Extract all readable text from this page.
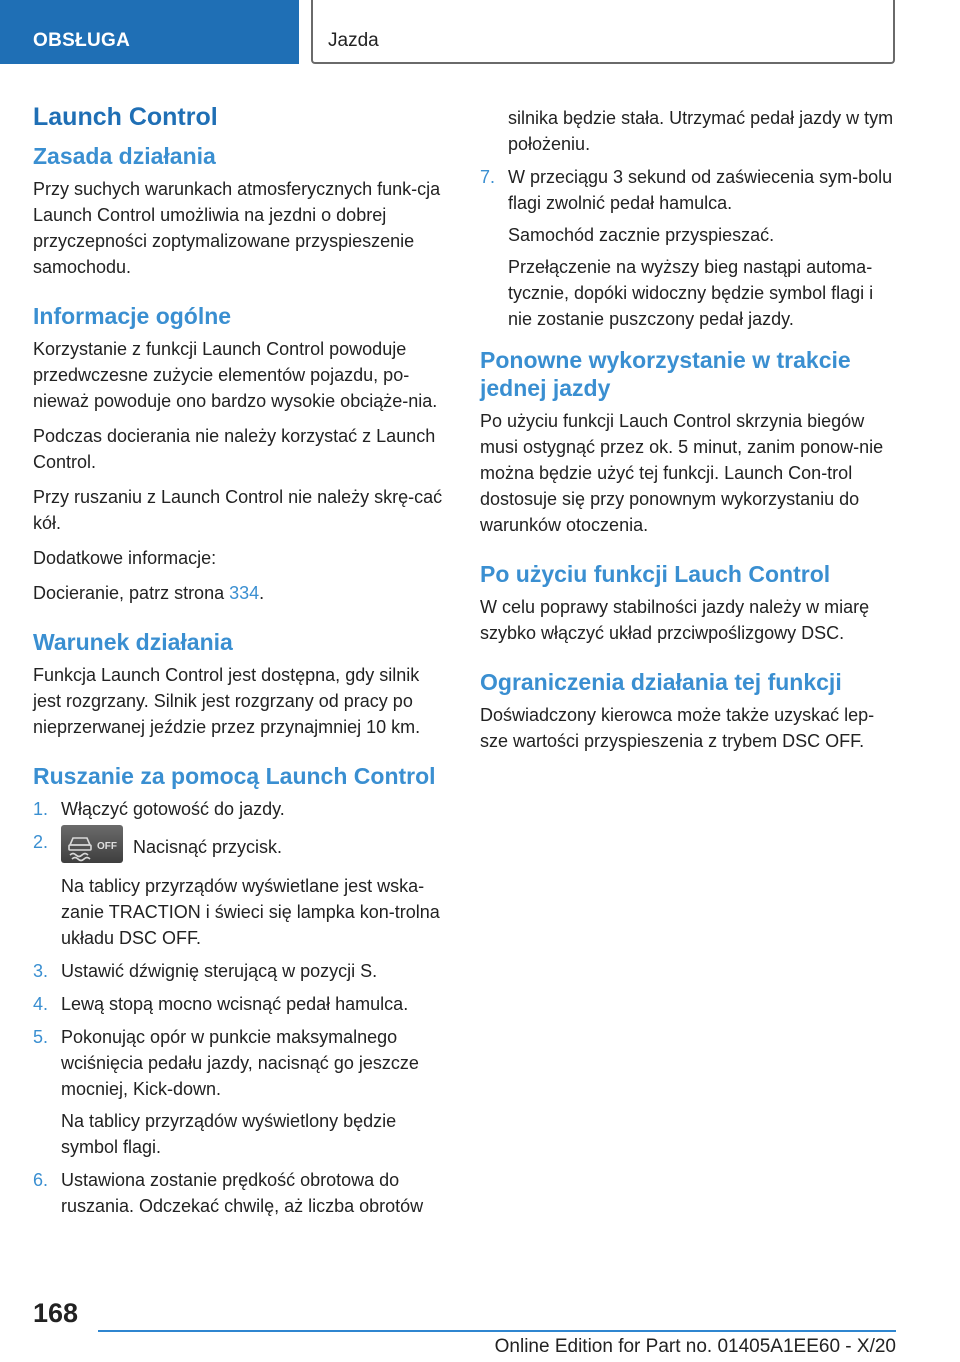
OBSŁUGA	Jazda
Launch Control
Zasada działania

Przy suchych warunkach atmosferycznych funk-cja Launch Control umożliwia na jezdni o dobrej przyczepności zoptymalizowane przyspieszenie samochodu.

Informacje ogólne

Korzystanie z funkcji Launch Control powoduje przedwczesne zużycie elementów pojazdu, po-nieważ powoduje ono bardzo wysokie obciąże-nia.

Podczas docierania nie należy korzystać z Launch Control.

Przy ruszaniu z Launch Control nie należy skrę-cać kół.

Dodatkowe informacje:

Docieranie, patrz strona 334.

Warunek działania

Funkcja Launch Control jest dostępna, gdy silnik jest rozgrzany. Silnik jest rozgrzany od pracy po nieprzerwanej jeździe przez przynajmniej 10 km.

Ruszanie za pomocą Launch Control
1. Włączyć gotowość do jazdy.

2.	OFF Nacisnąć przycisk.

Na tablicy przyrządów wyświetlane jest wska-zanie TRACTION i świeci się lampka kon-trolna układu DSC OFF.

3. Ustawić dźwignię sterującą w pozycji S.

4. Lewą stopą mocno wcisnąć pedał hamulca.

5. Pokonując opór w punkcie maksymalnego wciśnięcia pedału jazdy, nacisnąć go jeszcze mocniej, Kick-down.

Na tablicy przyrządów wyświetlony będzie symbol flagi.

6. Ustawiona zostanie prędkość obrotowa do ruszania. Odczekać chwilę, aż liczba obrotów

silnika będzie stała. Utrzymać pedał jazdy w tym położeniu.

7. W przeciągu 3 sekund od zaświecenia sym-bolu flagi zwolnić pedał hamulca.

Samochód zacznie przyspieszać.

Przełączenie na wyższy bieg nastąpi automa-tycznie, dopóki widoczny będzie symbol flagi i nie zostanie puszczony pedał jazdy.

Ponowne wykorzystanie w trakcie jednej jazdy

Po użyciu funkcji Lauch Control skrzynia biegów musi ostygnąć przez ok. 5 minut, zanim ponow-nie można będzie użyć tej funkcji. Launch Con-trol dostosuje się przy ponownym wykorzystaniu do warunków otoczenia.

Po użyciu funkcji Lauch Control

W celu poprawy stabilności jazdy należy w miarę szybko włączyć układ przciwpoślizgowy DSC.

Ograniczenia działania tej funkcji

Doświadczony kierowca może także uzyskać lep-sze wartości przyspieszenia z trybem DSC OFF.

168
Online Edition for Part no. 01405A1EE60 - X/20
